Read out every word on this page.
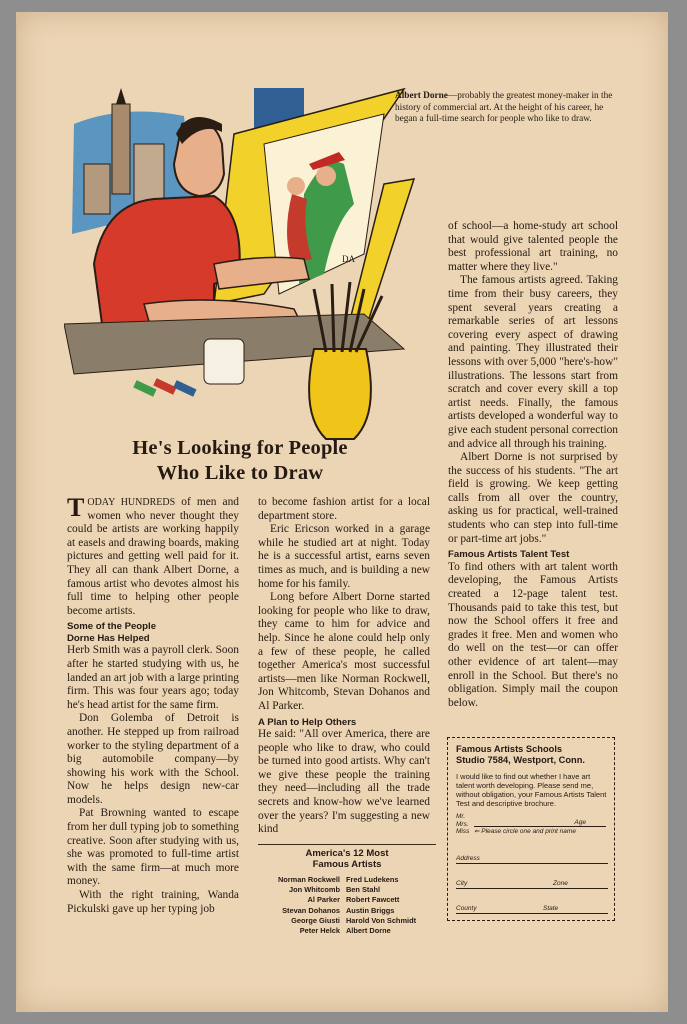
DA
Albert Dorne—probably the greatest money-maker in the history of commercial art. At the height of his career, he began a full-time search for people who like to draw.
He's Looking for People
Who Like to Draw

TODAY HUNDREDS of men and women who never thought they could be artists are working happily at easels and drawing boards, making pictures and getting well paid for it. They all can thank Albert Dorne, a famous artist who devotes almost his full time to helping other people become artists.

Some of the People
Dorne Has Helped

Herb Smith was a payroll clerk. Soon after he started studying with us, he landed an art job with a large printing firm. This was four years ago; today he's head artist for the same firm.

Don Golemba of Detroit is another. He stepped up from railroad worker to the styling department of a big automobile company—by showing his work with the School. Now he helps design new-car models.

Pat Browning wanted to escape from her dull typing job to something creative. Soon after studying with us, she was promoted to full-time artist with the same firm—at much more money.

With the right training, Wanda Pickulski gave up her typing job

to become fashion artist for a local department store.

Eric Ericson worked in a garage while he studied art at night. Today he is a successful artist, earns seven times as much, and is building a new home for his family.

Long before Albert Dorne started looking for people who like to draw, they came to him for advice and help. Since he alone could help only a few of these people, he called together America's most successful artists—men like Norman Rockwell, Jon Whitcomb, Stevan Dohanos and Al Parker.

A Plan to Help Others

He said: "All over America, there are people who like to draw, who could be turned into good artists. Why can't we give these people the training they need—including all the trade secrets and know-how we've learned over the years? I'm suggesting a new kind

of school—a home-study art school that would give talented people the best professional art training, no matter where they live."

The famous artists agreed. Taking time from their busy careers, they spent several years creating a remarkable series of art lessons covering every aspect of drawing and painting. They illustrated their lessons with over 5,000 "here's-how" illustrations. The lessons start from scratch and cover every skill a top artist needs. Finally, the famous artists developed a wonderful way to give each student personal correction and advice all through his training.

Albert Dorne is not surprised by the success of his students. "The art field is growing. We keep getting calls from all over the country, asking us for practical, well-trained students who can step into full-time or part-time art jobs."

Famous Artists Talent Test

To find others with art talent worth developing, the Famous Artists created a 12-page talent test. Thousands paid to take this test, but now the School offers it free and grades it free. Men and women who do well on the test—or can offer other evidence of art talent—may enroll in the School. But there's no obligation. Simply mail the coupon below.

America's 12 Most
Famous Artists
Norman Rockwell	Fred Ludekens
Jon Whitcomb	Ben Stahl
Al Parker	Robert Fawcett
Stevan Dohanos	Austin Briggs
George Giusti	Harold Von Schmidt
Peter Helck	Albert Dorne
Famous Artists Schools
Studio 7584, Westport, Conn.
I would like to find out whether I have art talent worth developing. Please send me, without obligation, your Famous Artists Talent Test and descriptive brochure.
Mr.
Mrs.
Miss ⇐ Please circle one and print name
Age
Address
City	Zone
County	State
